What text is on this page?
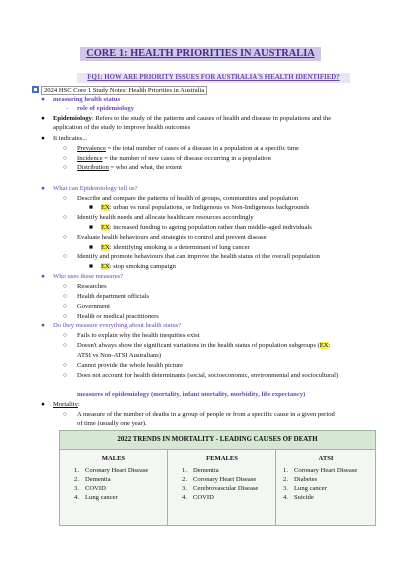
CORE 1: HEALTH PRIORITIES IN AUSTRALIA
FQ1: HOW ARE PRIORITY ISSUES FOR AUSTRALIA'S HEALTH IDENTIFIED?
2024 HSC Core 1 Study Notes: Health Priorities in Australia
● measuring health status
- role of epidemiology
● Epidemiology: Refers to the study of the patterns and causes of health and disease in populations and the
application of the study to improve health outcomes
● It indicates...
○ Prevalence = the total number of cases of a disease in a population at a specific time
○ Incidence = the number of new cases of disease occurring in a population
○ Distribution = who and what, the extent
● What can Epidemiology tell us?
○ Describe and compare the patterns of health of groups, communities and population
■ EX: urban vs rural populations, or Indigenous vs Non-Indigenous backgrounds
○ Identify health needs and allocate healthcare resources accordingly
■ EX: increased funding to ageing population rather than middle-aged individuals
○ Evaluate health behaviours and strategies to control and prevent disease
■ EX: identifying smoking is a determinant of lung cancer
○ Identify and promote behaviours that can improve the health status of the overall population
■ EX: stop smoking campaign
● Who uses these measures?
○ Researches
○ Health department officials
○ Government
○ Health or medical practitioners
● Do they measure everything about health status?
○ Fails to explain why the health inequities exist
○ Doesn't always show the significant variations in the health status of population subgroups (EX:
ATSI vs Non-ATSI Australians)
○ Cannot provide the whole health picture
○ Does not account for health determinants (social, socioeconomic, environmental and sociocultural)
measures of epidemiology (mortality, infant mortality, morbidity, life expectancy)
● Mortality:
○ A measure of the number of deaths in a group of people or from a specific cause in a given period
of time (usually one year).
2022 TRENDS IN MORTALITY - LEADING CAUSES OF DEATH
MALES
1. Coronary Heart Disease
2. Dementia
3. COVID
4. Lung cancer
FEMALES
1. Dementia
2. Coronary Heart Disease
3. Cerebrovascular Disease
4. COVID
ATSI
1. Coronary Heart Disease
2. Diabetes
3. Lung cancer
4. Suicide
